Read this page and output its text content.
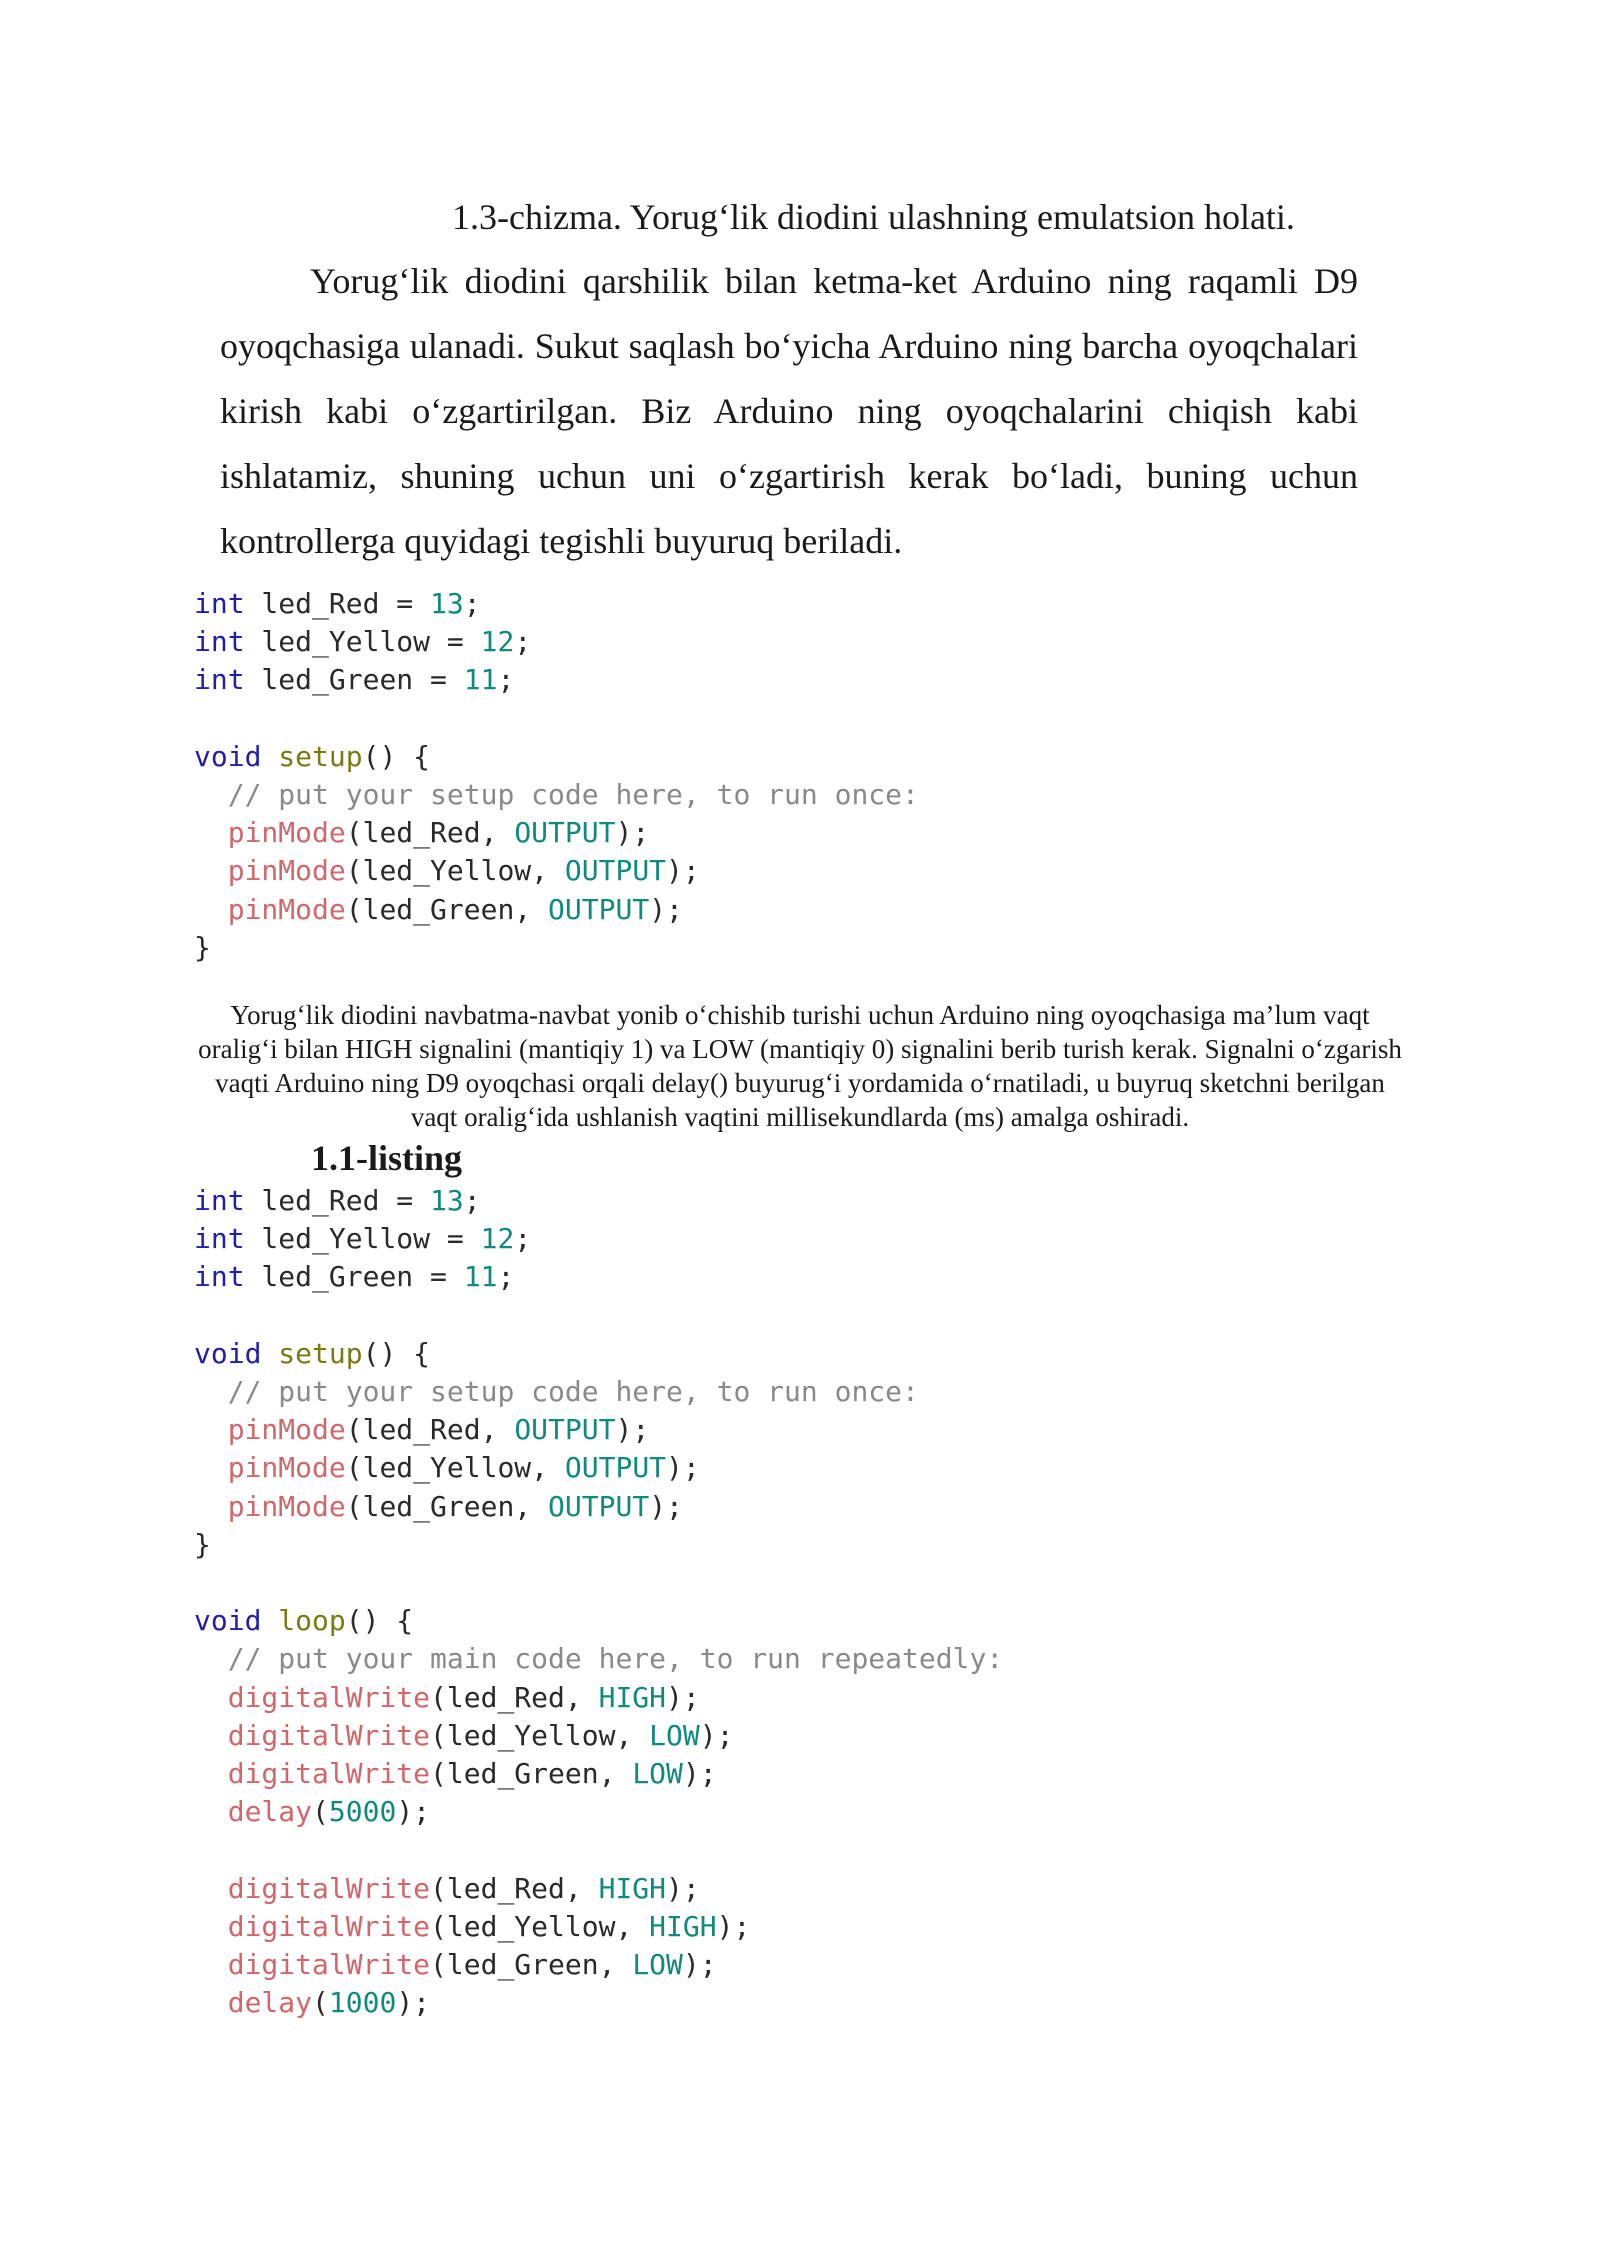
1.3-chizma. Yorug‘lik diodini ulashning emulatsion holati.

Yorug‘lik diodini qarshilik bilan ketma-ket Arduino ning raqamli D9 oyoqchasiga ulanadi. Sukut saqlash bo‘yicha Arduino ning barcha oyoqchalari kirish kabi o‘zgartirilgan. Biz Arduino ning oyoqchalarini chiqish kabi ishlatamiz, shuning uchun uni o‘zgartirish kerak bo‘ladi, buning uchun kontrollerga quyidagi tegishli buyuruq beriladi.

int led_Red = 13;
int led_Yellow = 12;
int led_Green = 11;

void setup() {
// put your setup code here, to run once:
pinMode(led_Red, OUTPUT);
pinMode(led_Yellow, OUTPUT);
pinMode(led_Green, OUTPUT);
}

Yorug‘lik diodini navbatma-navbat yonib o‘chishib turishi uchun Arduino ning oyoqchasiga ma’lum vaqt oralig‘i bilan HIGH signalini (mantiqiy 1) va LOW (mantiqiy 0) signalini berib turish kerak. Signalni o‘zgarish vaqti Arduino ning D9 oyoqchasi orqali delay() buyurug‘i yordamida o‘rnatiladi, u buyruq sketchni berilgan vaqt oralig‘ida ushlanish vaqtini millisekundlarda (ms) amalga oshiradi.

1.1-listing
int led_Red = 13;
int led_Yellow = 12;
int led_Green = 11;

void setup() {
// put your setup code here, to run once:
pinMode(led_Red, OUTPUT);
pinMode(led_Yellow, OUTPUT);
pinMode(led_Green, OUTPUT);
}

void loop() {
// put your main code here, to run repeatedly:
digitalWrite(led_Red, HIGH);
digitalWrite(led_Yellow, LOW);
digitalWrite(led_Green, LOW);
delay(5000);

digitalWrite(led_Red, HIGH);
digitalWrite(led_Yellow, HIGH);
digitalWrite(led_Green, LOW);
delay(1000);
